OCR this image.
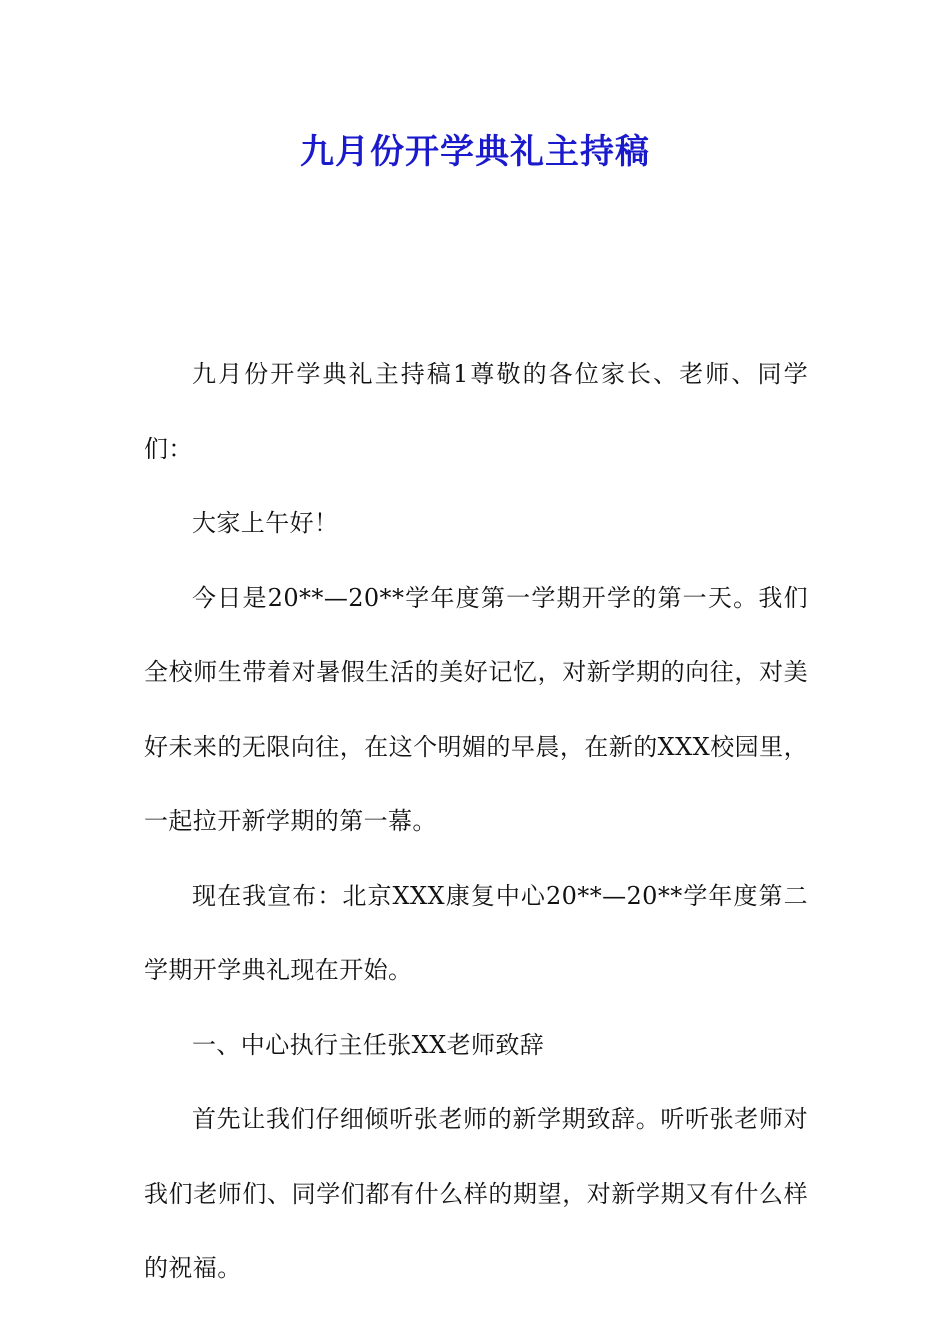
九月份开学典礼主持稿

九月份开学典礼主持稿1尊敬的各位家长、老师、同学们：

大家上午好！

今日是20**—20**学年度第一学期开学的第一天。我们全校师生带着对暑假生活的美好记忆，对新学期的向往，对美好未来的无限向往，在这个明媚的早晨，在新的XXX校园里，一起拉开新学期的第一幕。

现在我宣布：北京XXX康复中心20**—20**学年度第二学期开学典礼现在开始。

一、中心执行主任张XX老师致辞

首先让我们仔细倾听张老师的新学期致辞。听听张老师对我们老师们、同学们都有什么样的期望，对新学期又有什么样的祝福。
